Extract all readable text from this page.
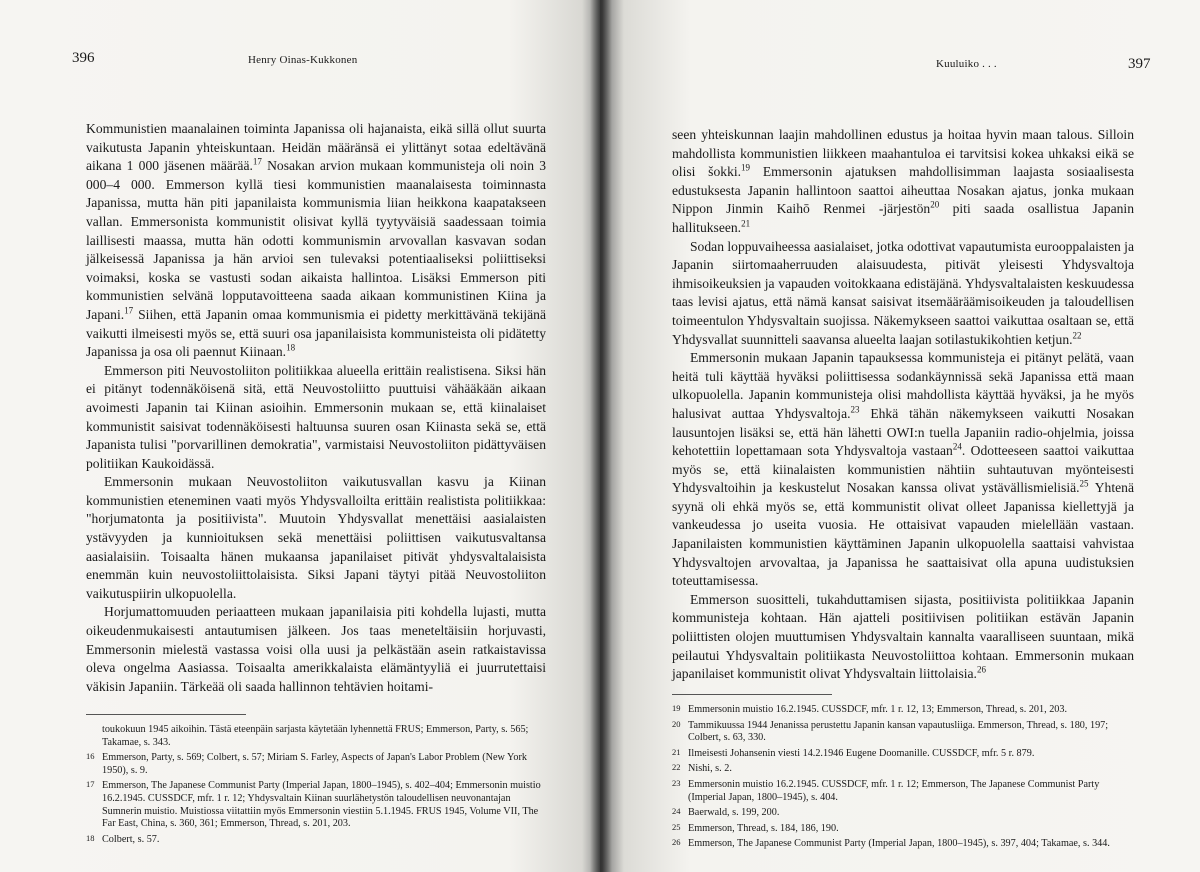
396	Henry Oinas-Kukkonen

Kommunistien maanalainen toiminta Japanissa oli hajanaista, eikä sillä ollut suurta vaikutusta Japanin yhteiskuntaan. Heidän määränsä ei ylittänyt sotaa edeltävänä aikana 1 000 jäsenen määrää.$^{17}$ Nosakan arvion mukaan kommunisteja oli noin 3 000–4 000. Emmerson kyllä tiesi kommunistien maanalaisesta toiminnasta Japanissa, mutta hän piti japanilaista kommunismia liian heikkona kaapatakseen vallan. Emmersonista kommunistit olisivat kyllä tyytyväisiä saadessaan toimia laillisesti maassa, mutta hän odotti kommunismin arvovallan kasvavan sodan jälkeisessä Japanissa ja hän arvioi sen tulevaksi potentiaaliseksi poliittiseksi voimaksi, koska se vastusti sodan aikaista hallintoa. Lisäksi Emmerson piti kommunistien selvänä lopputavoitteena saada aikaan kommunistinen Kiina ja Japani.$^{17}$ Siihen, että Japanin omaa kommunismia ei pidetty merkittävänä tekijänä vaikutti ilmeisesti myös se, että suuri osa japanilaisista kommunisteista oli pidätetty Japanissa ja osa oli paennut Kiinaan.$^{18}$

Emmerson piti Neuvostoliiton politiikkaa alueella erittäin realistisena. Siksi hän ei pitänyt todennäköisenä sitä, että Neuvostoliitto puuttuisi vähääkään aikaan avoimesti Japanin tai Kiinan asioihin. Emmersonin mukaan se, että kiinalaiset kommunistit saisivat todennäköisesti haltuunsa suuren osan Kiinasta sekä se, että Japanista tulisi "porvarillinen demokratia", varmistaisi Neuvostoliiton pidättyväisen politiikan Kaukoidässä.

Emmersonin mukaan Neuvostoliiton vaikutusvallan kasvu ja Kiinan kommunistien eteneminen vaati myös Yhdysvalloilta erittäin realistista politiikkaa: "horjumatonta ja positiivista". Muutoin Yhdysvallat menettäisi aasialaisten ystävyyden ja kunnioituksen sekä menettäisi poliittisen vaikutusvaltansa aasialaisiin. Toisaalta hänen mukaansa japanilaiset pitivät yhdysvaltalaisista enemmän kuin neuvostoliittolaisista. Siksi Japani täytyi pitää Neuvostoliiton vaikutuspiirin ulkopuolella.

Horjumattomuuden periaatteen mukaan japanilaisia piti kohdella lujasti, mutta oikeudenmukaisesti antautumisen jälkeen. Jos taas meneteltäisiin horjuvasti, Emmersonin mielestä vastassa voisi olla uusi ja pelkästään asein ratkaistavissa oleva ongelma Aasiassa. Toisaalta amerikkalaista elämäntyyliä ei juurrutettaisi väkisin Japaniin. Tärkeää oli saada hallinnon tehtävien hoitami-

toukokuun 1945 aikoihin. Tästä eteenpäin sarjasta käytetään lyhennettä FRUS; Emmerson, Party, s. 565; Takamae, s. 343.
16 Emmerson, Party, s. 569; Colbert, s. 57; Miriam S. Farley, Aspects of Japan's Labor Problem (New York 1950), s. 9.
17 Emmerson, The Japanese Communist Party (Imperial Japan, 1800–1945), s. 402–404; Emmersonin muistio 16.2.1945. CUSSDCF, mfr. 1 r. 12; Yhdysvaltain Kiinan suurlähetystön taloudellisen neuvonantajan Sumnerin muistio. Muistiossa viitattiin myös Emmersonin viestiin 5.1.1945. FRUS 1945, Volume VII, The Far East, China, s. 360, 361; Emmerson, Thread, s. 201, 203.
18 Colbert, s. 57.
Kuuluiko . . .	397

seen yhteiskunnan laajin mahdollinen edustus ja hoitaa hyvin maan talous. Silloin mahdollista kommunistien liikkeen maahantuloa ei tarvitsisi kokea uhkaksi eikä se olisi šokki.$^{19}$ Emmersonin ajatuksen mahdollisimman laajasta sosiaalisesta edustuksesta Japanin hallintoon saattoi aiheuttaa Nosakan ajatus, jonka mukaan Nippon Jinmin Kaihō Renmei -järjestön$^{20}$ piti saada osallistua Japanin hallitukseen.$^{21}$

Sodan loppuvaiheessa aasialaiset, jotka odottivat vapautumista eurooppalaisten ja Japanin siirtomaaherruuden alaisuudesta, pitivät yleisesti Yhdysvaltoja ihmisoikeuksien ja vapauden voitokkaana edistäjänä. Yhdysvaltalaisten keskuudessa taas levisi ajatus, että nämä kansat saisivat itsemääräämisoikeuden ja taloudellisen toimeentulon Yhdysvaltain suojissa. Näkemykseen saattoi vaikuttaa osaltaan se, että Yhdysvallat suunnitteli saavansa alueelta laajan sotilastukikohtien ketjun.$^{22}$

Emmersonin mukaan Japanin tapauksessa kommunisteja ei pitänyt pelätä, vaan heitä tuli käyttää hyväksi poliittisessa sodankäynnissä sekä Japanissa että maan ulkopuolella. Japanin kommunisteja olisi mahdollista käyttää hyväksi, ja he myös halusivat auttaa Yhdysvaltoja.$^{23}$ Ehkä tähän näkemykseen vaikutti Nosakan lausuntojen lisäksi se, että hän lähetti OWI:n tuella Japaniin radio-ohjelmia, joissa kehotettiin lopettamaan sota Yhdysvaltoja vastaan$^{24}$. Odotteeseen saattoi vaikuttaa myös se, että kiinalaisten kommunistien nähtiin suhtautuvan myönteisesti Yhdysvaltoihin ja keskustelut Nosakan kanssa olivat ystävällismielisiä.$^{25}$ Yhtenä syynä oli ehkä myös se, että kommunistit olivat olleet Japanissa kiellettyjä ja vankeudessa jo useita vuosia. He ottaisivat vapauden mielellään vastaan. Japanilaisten kommunistien käyttäminen Japanin ulkopuolella saattaisi vahvistaa Yhdysvaltojen arvovaltaa, ja Japanissa he saattaisivat olla apuna uudistuksien toteuttamisessa.

Emmerson suositteli, tukahduttamisen sijasta, positiivista politiikkaa Japanin kommunisteja kohtaan. Hän ajatteli positiivisen politiikan estävän Japanin poliittisten olojen muuttumisen Yhdysvaltain kannalta vaaralliseen suuntaan, mikä peilautui Yhdysvaltain politiikasta Neuvostoliittoa kohtaan. Emmersonin mukaan japanilaiset kommunistit olivat Yhdysvaltain liittolaisia.$^{26}$

19 Emmersonin muistio 16.2.1945. CUSSDCF, mfr. 1 r. 12, 13; Emmerson, Thread, s. 201, 203.
20 Tammikuussa 1944 Jenanissa perustettu Japanin kansan vapautusliiga. Emmerson, Thread, s. 180, 197; Colbert, s. 63, 330.
21 Ilmeisesti Johansenin viesti 14.2.1946 Eugene Doomanille. CUSSDCF, mfr. 5 r. 879.
22 Nishi, s. 2.
23 Emmersonin muistio 16.2.1945. CUSSDCF, mfr. 1 r. 12; Emmerson, The Japanese Communist Party (Imperial Japan, 1800–1945), s. 404.
24 Baerwald, s. 199, 200.
25 Emmerson, Thread, s. 184, 186, 190.
26 Emmerson, The Japanese Communist Party (Imperial Japan, 1800–1945), s. 397, 404; Takamae, s. 344.
